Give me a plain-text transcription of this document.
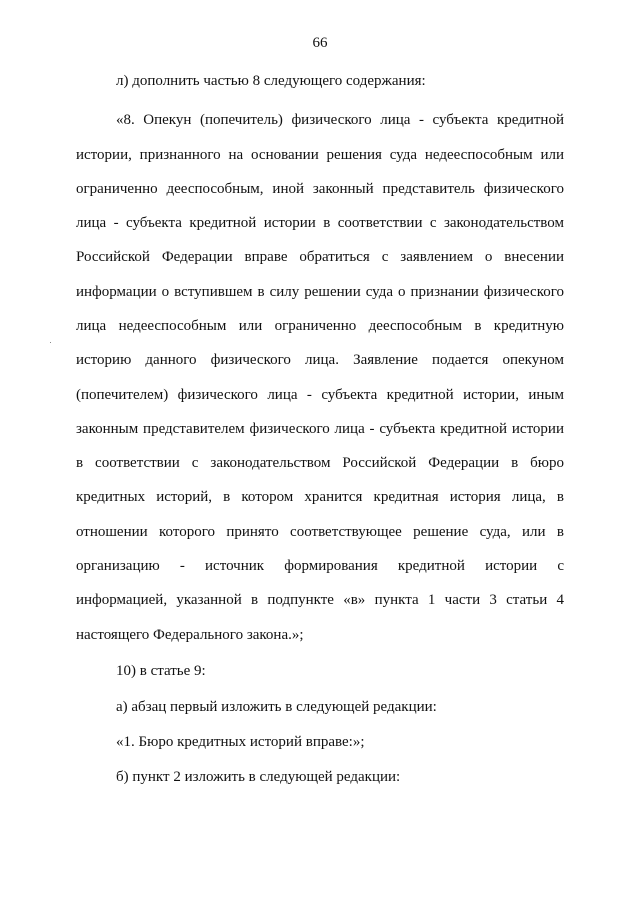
66
л) дополнить частью 8 следующего содержания:
«8. Опекун (попечитель) физического лица - субъекта кредитной
истории, признанного на основании решения суда недееспособным или
ограниченно дееспособным, иной законный представитель физического
лица - субъекта кредитной истории в соответствии с законодательством
Российской Федерации вправе обратиться с заявлением о внесении
информации о вступившем в силу решении суда о признании физического
лица недееспособным или ограниченно дееспособным в кредитную
историю данного физического лица. Заявление подается опекуном
(попечителем) физического лица - субъекта кредитной истории, иным
законным представителем физического лица - субъекта кредитной истории
в соответствии с законодательством Российской Федерации в бюро
кредитных историй, в котором хранится кредитная история лица, в
отношении которого принято соответствующее решение суда, или в
организацию - источник формирования кредитной истории с
информацией, указанной в подпункте «в» пункта 1 части 3 статьи 4
настоящего Федерального закона.»;
10) в статье 9:
а) абзац первый изложить в следующей редакции:
«1. Бюро кредитных историй вправе:»;
б) пункт 2 изложить в следующей редакции:
